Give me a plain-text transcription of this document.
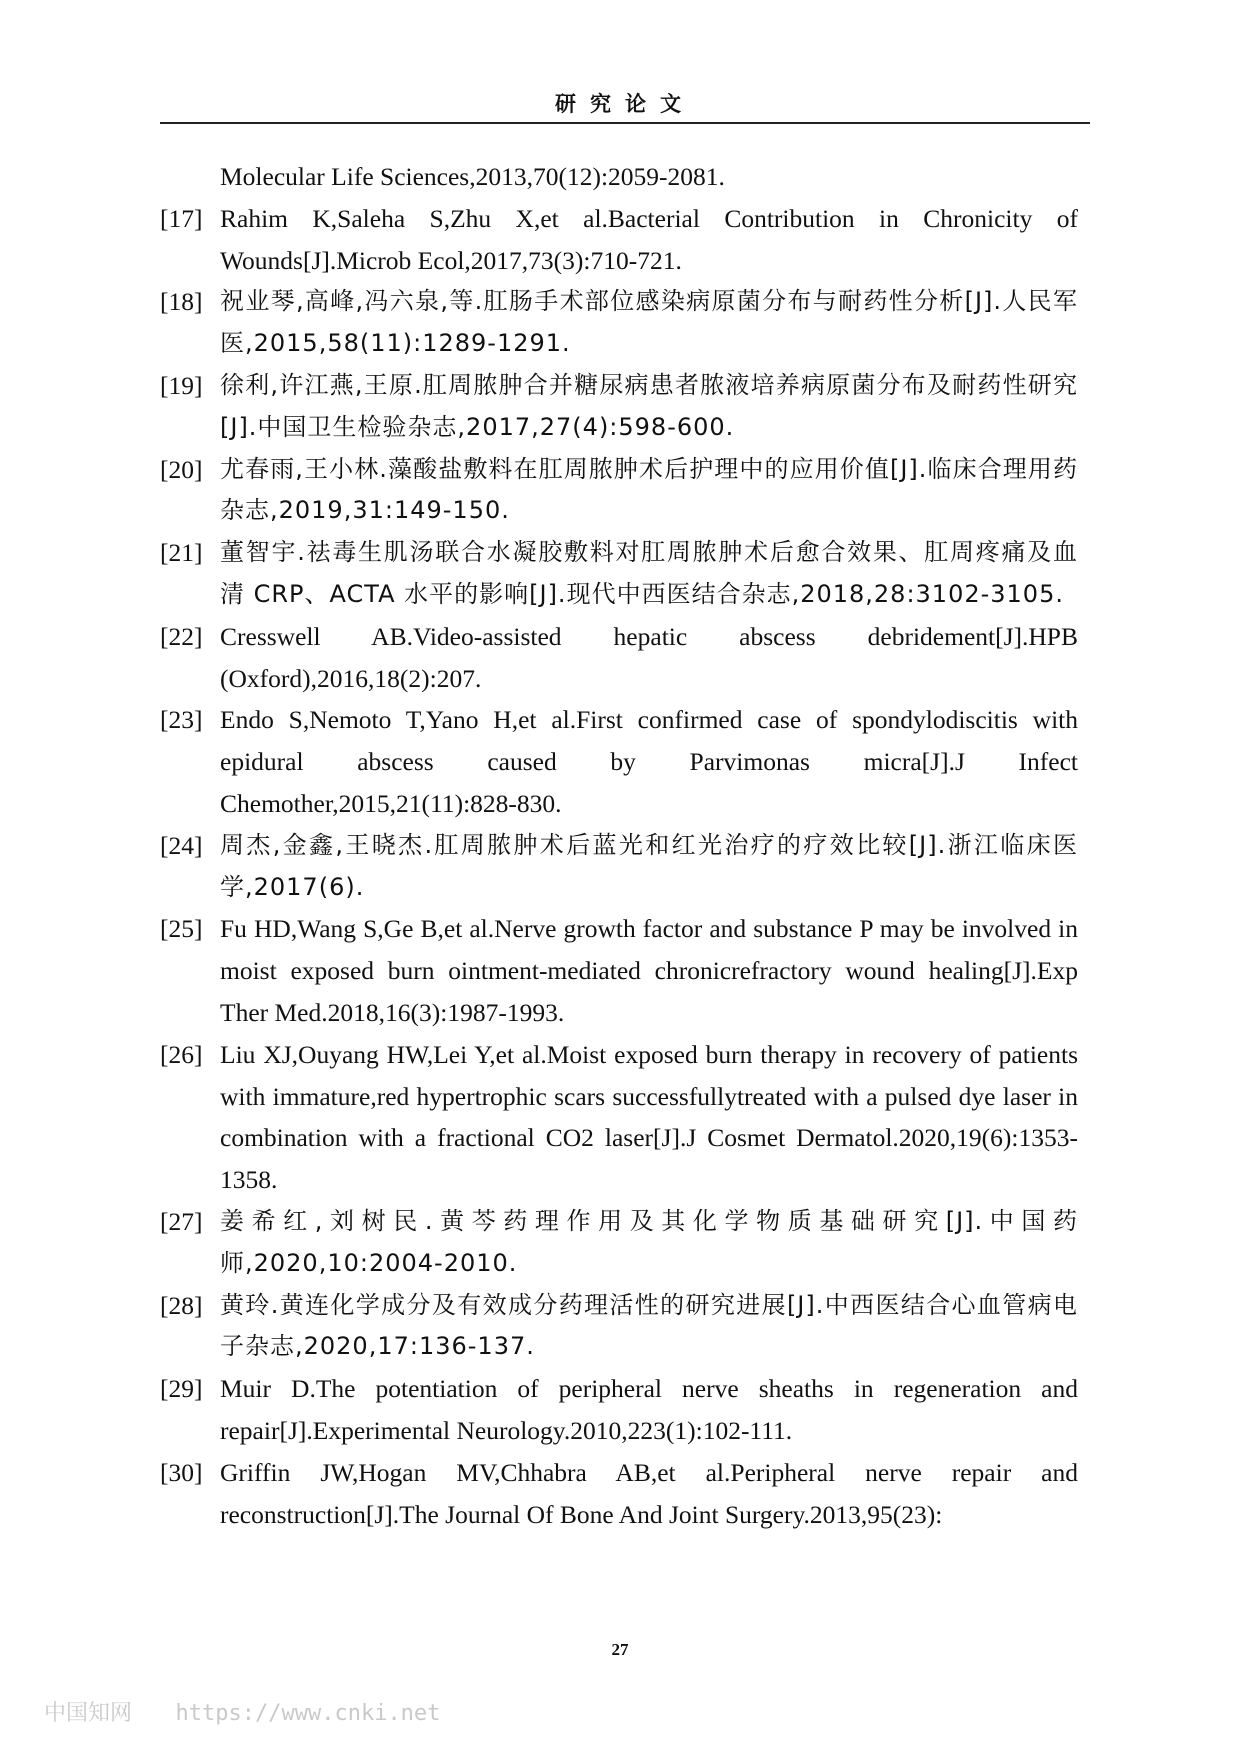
研究论文
Molecular Life Sciences,2013,70(12):2059-2081.
[17] Rahim K,Saleha S,Zhu X,et al.Bacterial Contribution in Chronicity of Wounds[J].Microb Ecol,2017,73(3):710-721.
[18] 祝业琴,高峰,冯六泉,等.肛肠手术部位感染病原菌分布与耐药性分析[J].人民军医,2015,58(11):1289-1291.
[19] 徐利,许江燕,王原.肛周脓肿合并糖尿病患者脓液培养病原菌分布及耐药性研究[J].中国卫生检验杂志,2017,27(4):598-600.
[20] 尤春雨,王小林.藻酸盐敷料在肛周脓肿术后护理中的应用价值[J].临床合理用药杂志,2019,31:149-150.
[21] 董智宇.祛毒生肌汤联合水凝胶敷料对肛周脓肿术后愈合效果、肛周疼痛及血清 CRP、ACTA 水平的影响[J].现代中西医结合杂志,2018,28:3102-3105.
[22] Cresswell AB.Video-assisted hepatic abscess debridement[J].HPB (Oxford),2016,18(2):207.
[23] Endo S,Nemoto T,Yano H,et al.First confirmed case of spondylodiscitis with epidural abscess caused by Parvimonas micra[J].J Infect Chemother,2015,21(11):828-830.
[24] 周杰,金鑫,王晓杰.肛周脓肿术后蓝光和红光治疗的疗效比较[J].浙江临床医学,2017(6).
[25] Fu HD,Wang S,Ge B,et al.Nerve growth factor and substance P may be involved in moist exposed burn ointment-mediated chronicrefractory wound healing[J].Exp Ther Med.2018,16(3):1987-1993.
[26] Liu XJ,Ouyang HW,Lei Y,et al.Moist exposed burn therapy in recovery of patients with immature,red hypertrophic scars successfullytreated with a pulsed dye laser in combination with a fractional CO2 laser[J].J Cosmet Dermatol.2020,19(6):1353-1358.
[27] 姜希红,刘树民.黄芩药理作用及其化学物质基础研究[J].中国药师,2020,10:2004-2010.
[28] 黄玲.黄连化学成分及有效成分药理活性的研究进展[J].中西医结合心血管病电子杂志,2020,17:136-137.
[29] Muir D.The potentiation of peripheral nerve sheaths in regeneration and repair[J].Experimental Neurology.2010,223(1):102-111.
[30] Griffin JW,Hogan MV,Chhabra AB,et al.Peripheral nerve repair and reconstruction[J].The Journal Of Bone And Joint Surgery.2013,95(23):
27
中国知网 https://www.cnki.net
